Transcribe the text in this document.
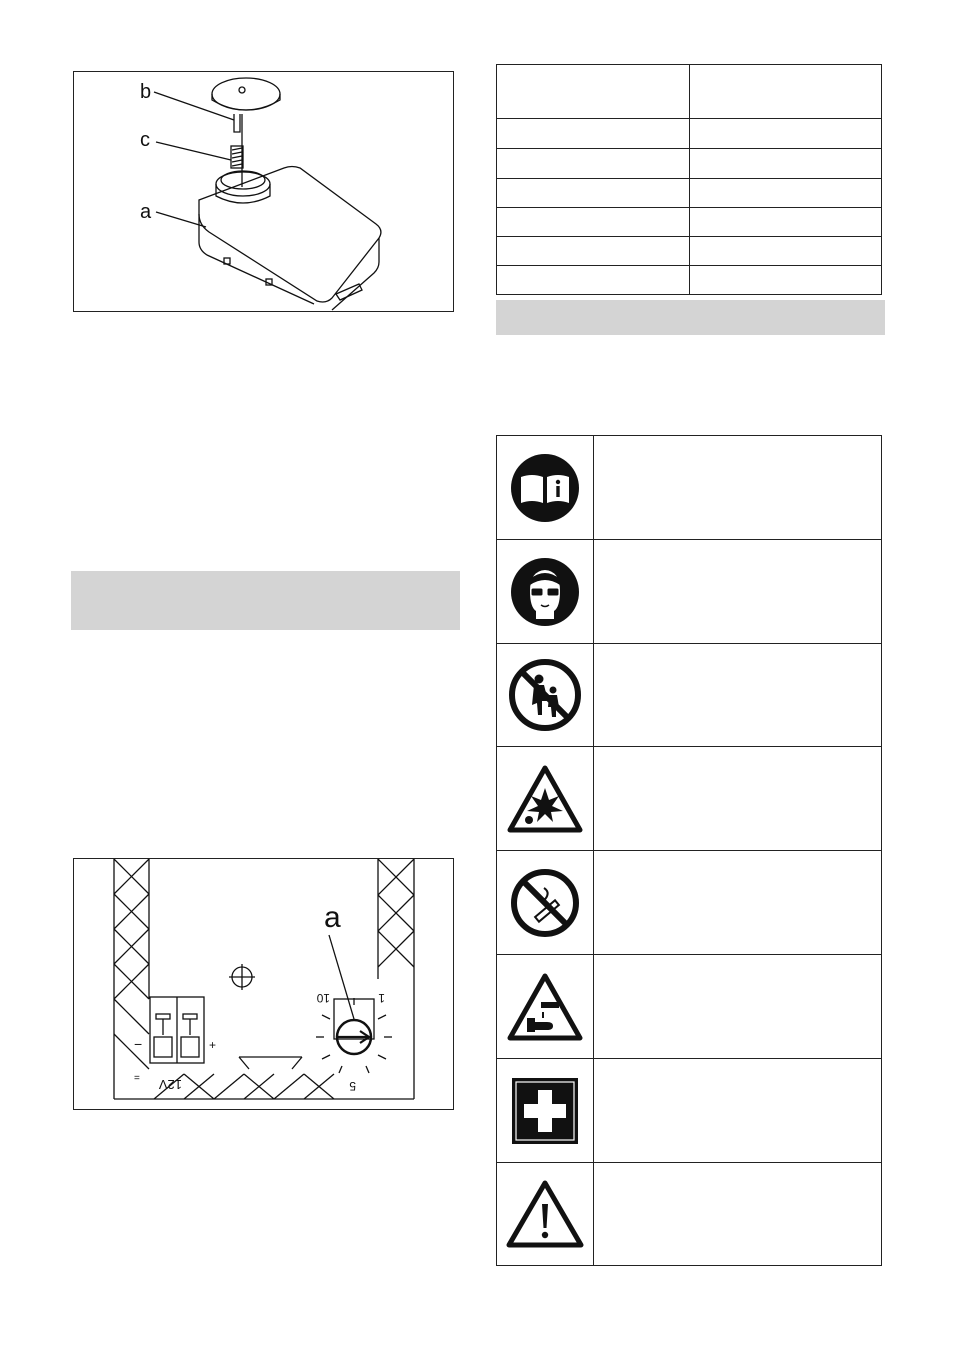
b
c
a
a
1
10
5
12V
−	+
=
